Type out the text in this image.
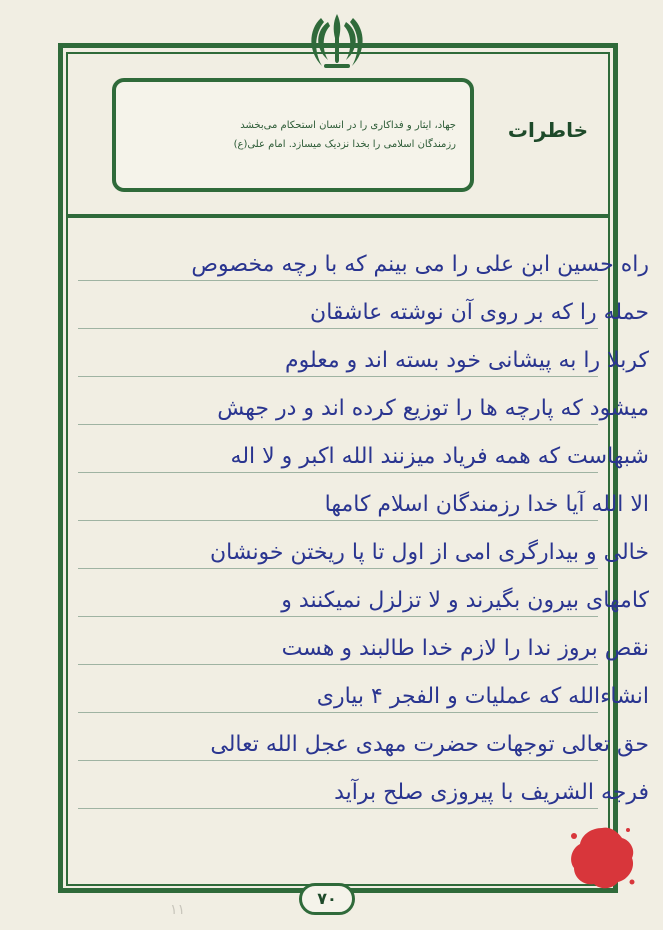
جهاد، ایثار و فداکاری را در انسان استحکام می‌بخشد
رزمندگان اسلامی را بخدا نزدیک میسازد. امام علی(ع)
خاطرات
راه حسین ابن علی را می بینم که با رچه مخصوص
حمله را که بر روی آن نوشته عاشقان
کربلا را به پیشانی خود بسته اند و معلوم
میشود که پارچه ها را توزیع کرده اند و در جهش
شبهاست که همه فریاد میزنند الله اکبر و لا اله
الا الله آیا خدا رزمندگان اسلام کامها
خالی و بیدارگری امی از اول تا پا ریختن خونشان
کامهای بیرون بگیرند و لا تزلزل نمیکنند و
نقص بروز ندا را لازم خدا طالبند و هست
انشاءالله که عملیات و الفجر ۴ بیاری
حق تعالی توجهات حضرت مهدی عجل الله تعالی
فرجه الشریف با پیروزی صلح برآید
۱۱
۷۰
